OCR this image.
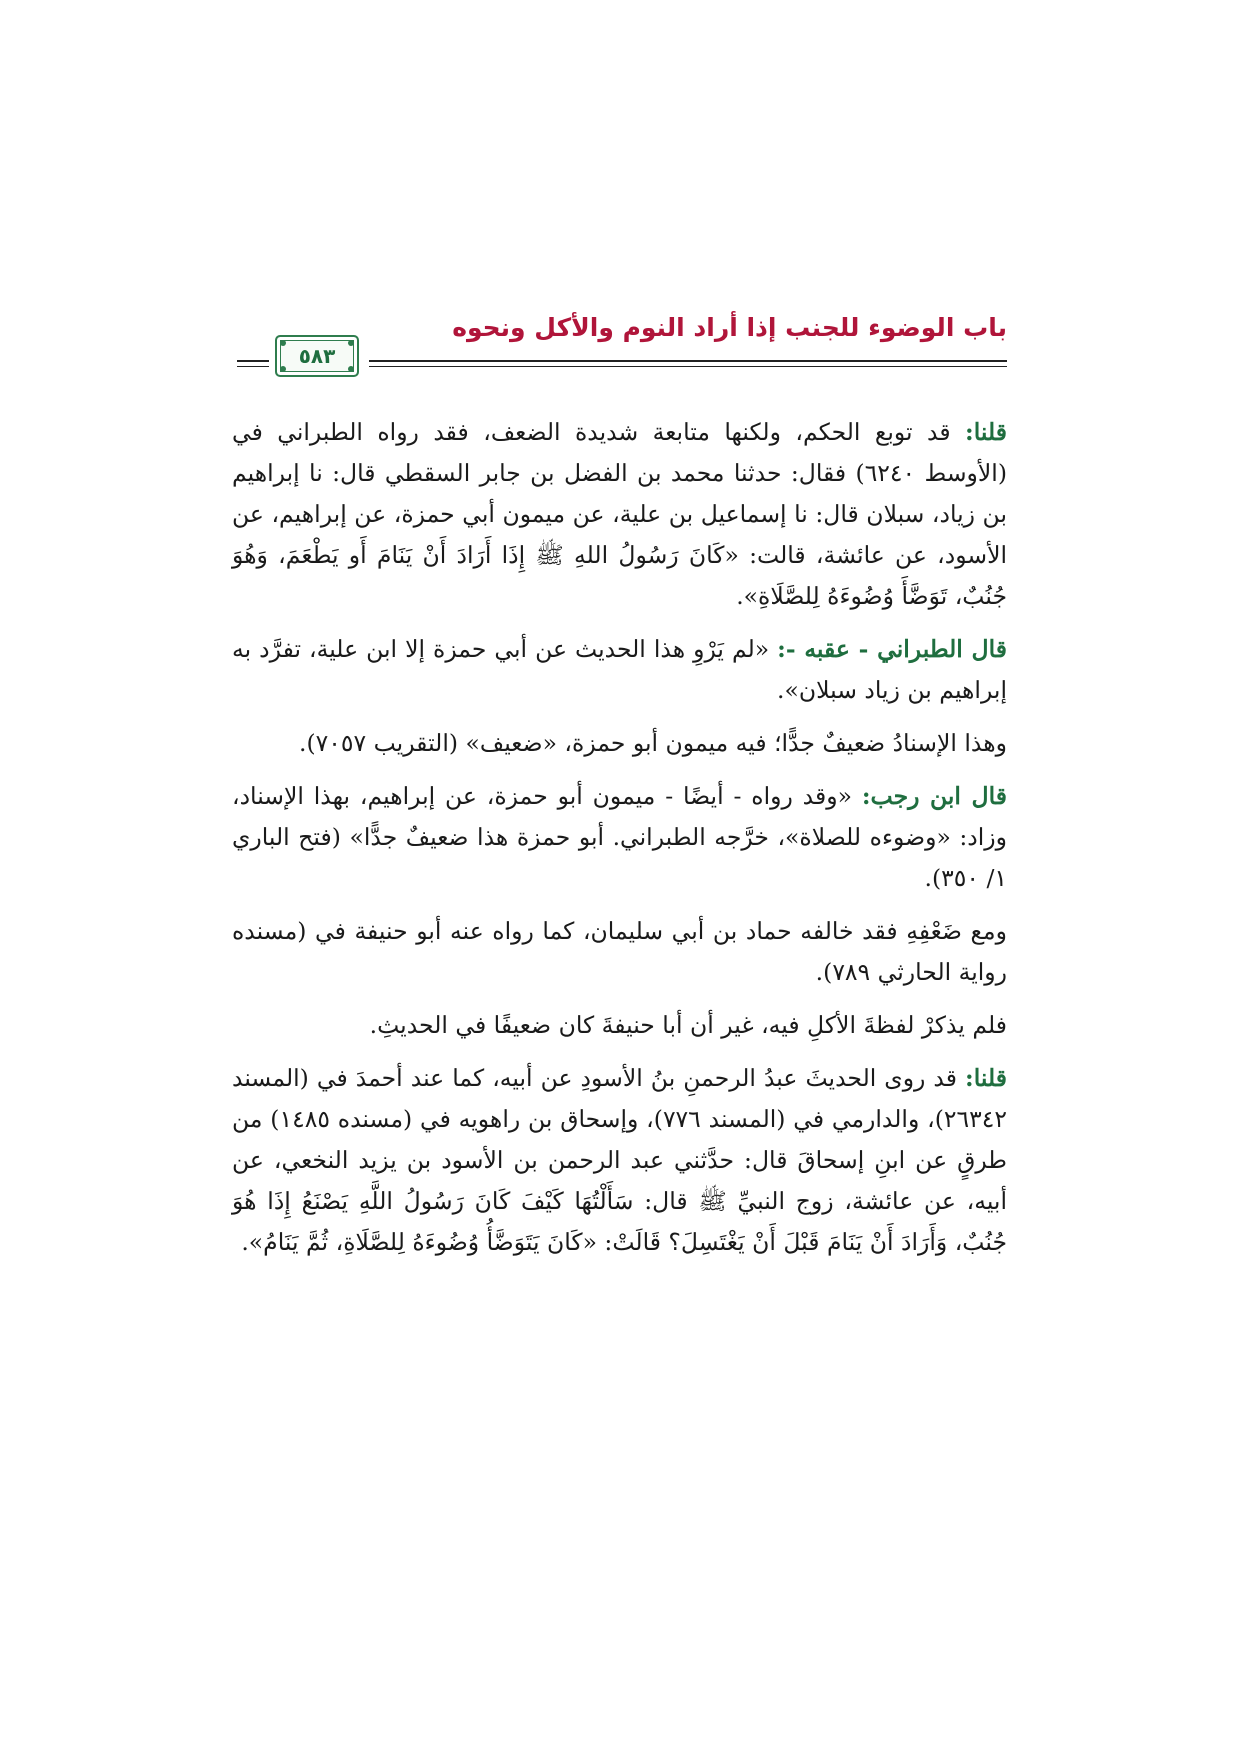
باب الوضوء للجنب إذا أراد النوم والأكل ونحوه
٥٨٣

قلنا: قد توبع الحكم، ولكنها متابعة شديدة الضعف، فقد رواه الطبراني في (الأوسط ٦٢٤٠) فقال: حدثنا محمد بن الفضل بن جابر السقطي قال: نا إبراهيم بن زياد، سبلان قال: نا إسماعيل بن علية، عن ميمون أبي حمزة، عن إبراهيم، عن الأسود، عن عائشة، قالت: «كَانَ رَسُولُ اللهِ ﷺ إِذَا أَرَادَ أَنْ يَنَامَ أَو يَطْعَمَ، وَهُوَ جُنُبٌ، تَوَضَّأَ وُضُوءَهُ لِلصَّلَاةِ».

قال الطبراني - عقبه -: «لم يَرْوِ هذا الحديث عن أبي حمزة إلا ابن علية، تفرَّد به إبراهيم بن زياد سبلان».

وهذا الإسنادُ ضعيفٌ جدًّا؛ فيه ميمون أبو حمزة، «ضعيف» (التقريب ٧٠٥٧).

قال ابن رجب: «وقد رواه - أيضًا - ميمون أبو حمزة، عن إبراهيم، بهذا الإسناد، وزاد: «وضوءه للصلاة»، خرَّجه الطبراني. أبو حمزة هذا ضعيفٌ جدًّا» (فتح الباري ١/ ٣٥٠).

ومع ضَعْفِهِ فقد خالفه حماد بن أبي سليمان، كما رواه عنه أبو حنيفة في (مسنده رواية الحارثي ٧٨٩).

فلم يذكرْ لفظةَ الأكلِ فيه، غير أن أبا حنيفةَ كان ضعيفًا في الحديثِ.

قلنا: قد روى الحديثَ عبدُ الرحمنِ بنُ الأسودِ عن أبيه، كما عند أحمدَ في (المسند ٢٦٣٤٢)، والدارمي في (المسند ٧٧٦)، وإسحاق بن راهويه في (مسنده ١٤٨٥) من طرقٍ عن ابنِ إسحاقَ قال: حدَّثني عبد الرحمن بن الأسود بن يزيد النخعي، عن أبيه، عن عائشة، زوج النبيِّ ﷺ قال: سَأَلْتُهَا كَيْفَ كَانَ رَسُولُ اللَّهِ يَصْنَعُ إِذَا هُوَ جُنُبٌ، وَأَرَادَ أَنْ يَنَامَ قَبْلَ أَنْ يَغْتَسِلَ؟ قَالَتْ: «كَانَ يَتَوَضَّأُ وُضُوءَهُ لِلصَّلَاةِ، ثُمَّ يَنَامُ».
